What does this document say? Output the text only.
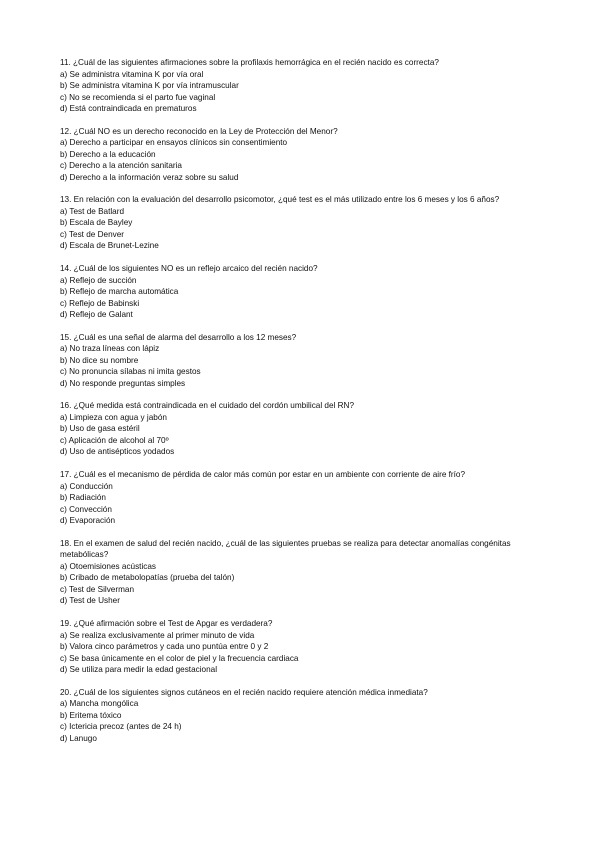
11. ¿Cuál de las siguientes afirmaciones sobre la profilaxis hemorrágica en el recién nacido es correcta?

a) Se administra vitamina K por vía oral
b) Se administra vitamina K por vía intramuscular
c) No se recomienda si el parto fue vaginal
d) Está contraindicada en prematuros

12. ¿Cuál NO es un derecho reconocido en la Ley de Protección del Menor?

a) Derecho a participar en ensayos clínicos sin consentimiento
b) Derecho a la educación
c) Derecho a la atención sanitaria
d) Derecho a la información veraz sobre su salud

13. En relación con la evaluación del desarrollo psicomotor, ¿qué test es el más utilizado entre los 6 meses y los 6 años?

a) Test de Batlard
b) Escala de Bayley
c) Test de Denver
d) Escala de Brunet-Lezine

14. ¿Cuál de los siguientes NO es un reflejo arcaico del recién nacido?

a) Reflejo de succión
b) Reflejo de marcha automática
c) Reflejo de Babinski
d) Reflejo de Galant

15. ¿Cuál es una señal de alarma del desarrollo a los 12 meses?

a) No traza líneas con lápiz
b) No dice su nombre
c) No pronuncia sílabas ni imita gestos
d) No responde preguntas simples

16. ¿Qué medida está contraindicada en el cuidado del cordón umbilical del RN?

a) Limpieza con agua y jabón
b) Uso de gasa estéril
c) Aplicación de alcohol al 70º
d) Uso de antisépticos yodados

17. ¿Cuál es el mecanismo de pérdida de calor más común por estar en un ambiente con corriente de aire frío?

a) Conducción
b) Radiación
c) Convección
d) Evaporación

18. En el examen de salud del recién nacido, ¿cuál de las siguientes pruebas se realiza para detectar anomalías congénitas metabólicas?

a) Otoemisiones acústicas
b) Cribado de metabolopatías (prueba del talón)
c) Test de Silverman
d) Test de Usher

19. ¿Qué afirmación sobre el Test de Apgar es verdadera?

a) Se realiza exclusivamente al primer minuto de vida
b) Valora cinco parámetros y cada uno puntúa entre 0 y 2
c) Se basa únicamente en el color de piel y la frecuencia cardiaca
d) Se utiliza para medir la edad gestacional

20. ¿Cuál de los siguientes signos cutáneos en el recién nacido requiere atención médica inmediata?

a) Mancha mongólica
b) Eritema tóxico
c) Ictericia precoz (antes de 24 h)
d) Lanugo
